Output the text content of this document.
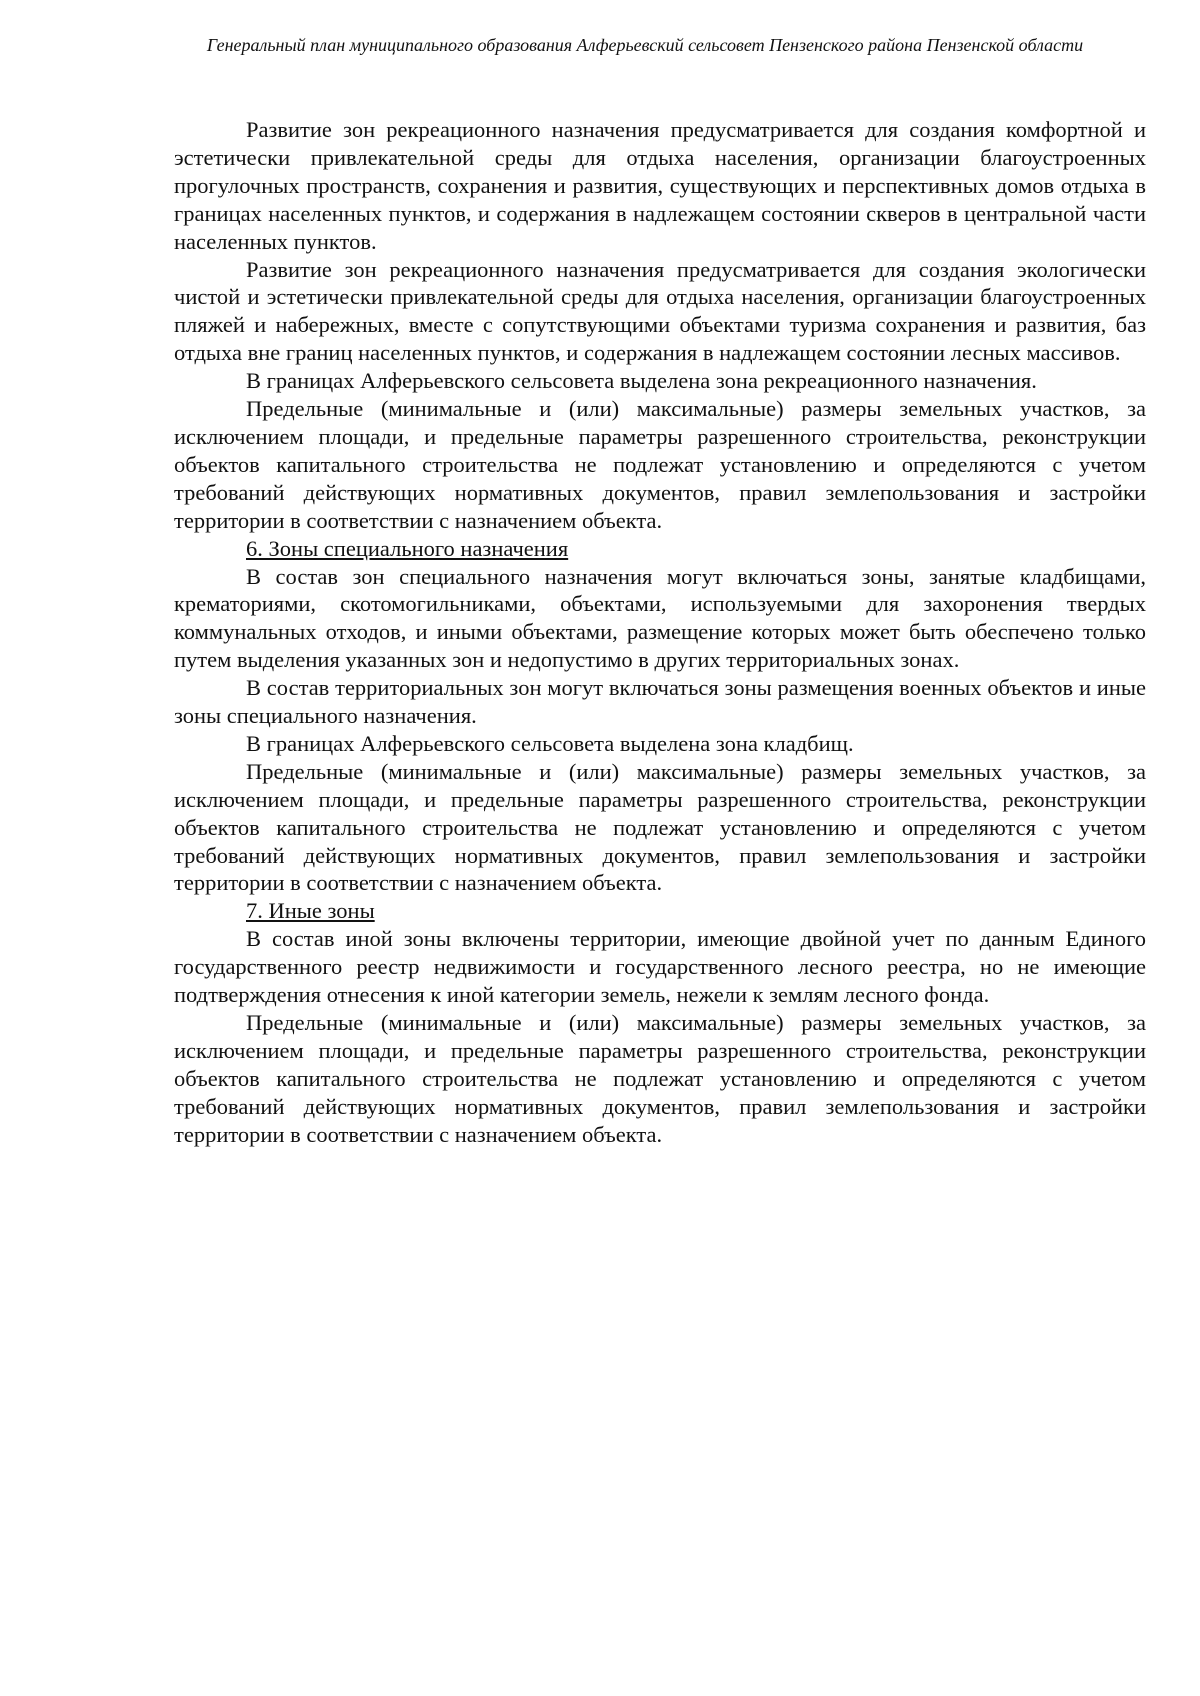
Генеральный план муниципального образования Алферьевский сельсовет Пензенского района Пензенской области

Развитие зон рекреационного назначения предусматривается для создания комфортной и эстетически привлекательной среды для отдыха населения, организации благоустроенных прогулочных пространств, сохранения и развития, существующих и перспективных домов отдыха в границах населенных пунктов, и содержания в надлежащем состоянии скверов в центральной части населенных пунктов.

Развитие зон рекреационного назначения предусматривается для создания экологически чистой и эстетически привлекательной среды для отдыха населения, организации благоустроенных пляжей и набережных, вместе с сопутствующими объектами туризма сохранения и развития, баз отдыха вне границ населенных пунктов, и содержания в надлежащем состоянии лесных массивов.

В границах Алферьевского сельсовета выделена зона рекреационного назначения.

Предельные (минимальные и (или) максимальные) размеры земельных участков, за исключением площади, и предельные параметры разрешенного строительства, реконструкции объектов капитального строительства не подлежат установлению и определяются с учетом требований действующих нормативных документов, правил землепользования и застройки территории в соответствии с назначением объекта.

6. Зоны специального назначения

В состав зон специального назначения могут включаться зоны, занятые кладбищами, крематориями, скотомогильниками, объектами, используемыми для захоронения твердых коммунальных отходов, и иными объектами, размещение которых может быть обеспечено только путем выделения указанных зон и недопустимо в других территориальных зонах.

В состав территориальных зон могут включаться зоны размещения военных объектов и иные зоны специального назначения.

В границах Алферьевского сельсовета выделена зона кладбищ.

Предельные (минимальные и (или) максимальные) размеры земельных участков, за исключением площади, и предельные параметры разрешенного строительства, реконструкции объектов капитального строительства не подлежат установлению и определяются с учетом требований действующих нормативных документов, правил землепользования и застройки территории в соответствии с назначением объекта.

7. Иные зоны

В состав иной зоны включены территории, имеющие двойной учет по данным Единого государственного реестр недвижимости и государственного лесного реестра, но не имеющие подтверждения отнесения к иной категории земель, нежели к землям лесного фонда.

Предельные (минимальные и (или) максимальные) размеры земельных участков, за исключением площади, и предельные параметры разрешенного строительства, реконструкции объектов капитального строительства не подлежат установлению и определяются с учетом требований действующих нормативных документов, правил землепользования и застройки территории в соответствии с назначением объекта.
